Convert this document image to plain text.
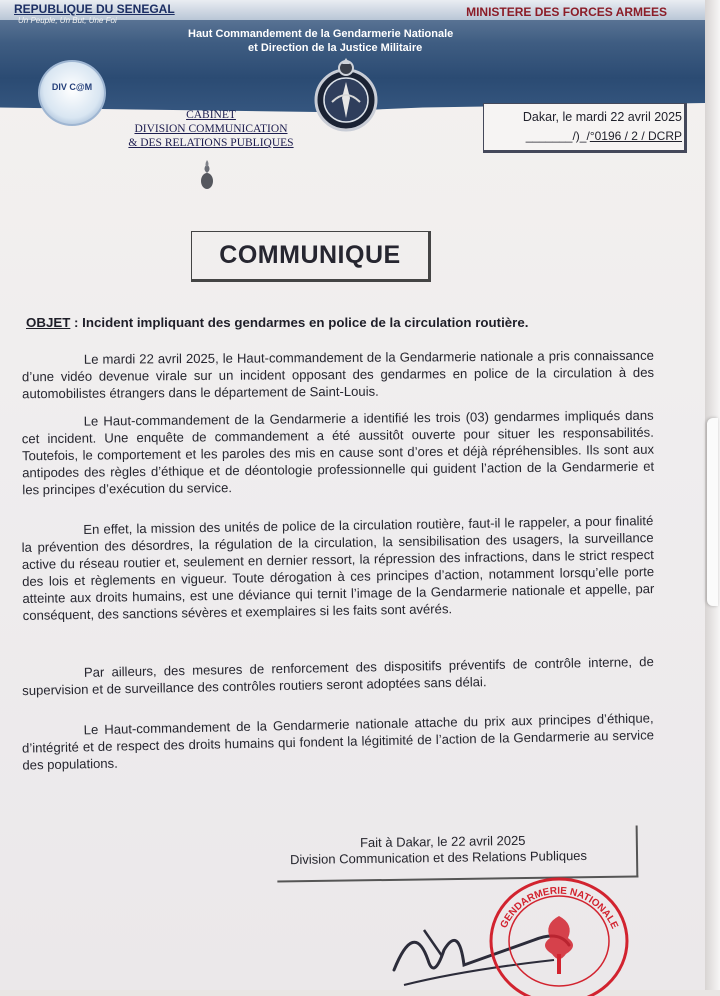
REPUBLIQUE DU SENEGAL
Un Peuple, Un But, Une Foi
MINISTERE DES FORCES ARMEES
Haut Commandement de la Gendarmerie Nationale
et Direction de la Justice Militaire
DIV C@M
CABINET
DIVISION COMMUNICATION
& DES RELATIONS PUBLIQUES
Dakar, le mardi 22 avril 2025
_______/)_/°0196 / 2 / DCRP
COMMUNIQUE
OBJET : Incident impliquant des gendarmes en police de la circulation routière.

Le mardi 22 avril 2025, le Haut-commandement de la Gendarmerie nationale a pris connaissance d’une vidéo devenue virale sur un incident opposant des gendarmes en police de la circulation à des automobilistes étrangers dans le département de Saint-Louis.

Le Haut-commandement de la Gendarmerie a identifié les trois (03) gendarmes impliqués dans cet incident. Une enquête de commandement a été aussitôt ouverte pour situer les responsabilités. Toutefois, le comportement et les paroles des mis en cause sont d’ores et déjà répréhensibles. Ils sont aux antipodes des règles d’éthique et de déontologie professionnelle qui guident l’action de la Gendarmerie et les principes d’exécution du service.

En effet, la mission des unités de police de la circulation routière, faut-il le rappeler, a pour finalité la prévention des désordres, la régulation de la circulation, la sensibilisation des usagers, la surveillance active du réseau routier et, seulement en dernier ressort, la répression des infractions, dans le strict respect des lois et règlements en vigueur. Toute dérogation à ces principes d’action, notamment lorsqu’elle porte atteinte aux droits humains, est une déviance qui ternit l’image de la Gendarmerie nationale et appelle, par conséquent, des sanctions sévères et exemplaires si les faits sont avérés.

Par ailleurs, des mesures de renforcement des dispositifs préventifs de contrôle interne, de supervision et de surveillance des contrôles routiers seront adoptées sans délai.

Le Haut-commandement de la Gendarmerie nationale attache du prix aux principes d’éthique, d’intégrité et de respect des droits humains qui fondent la légitimité de l’action de la Gendarmerie au service des populations.

Fait à Dakar, le 22 avril 2025
Division Communication et des Relations Publiques
GENDARMERIE NATIONALE
